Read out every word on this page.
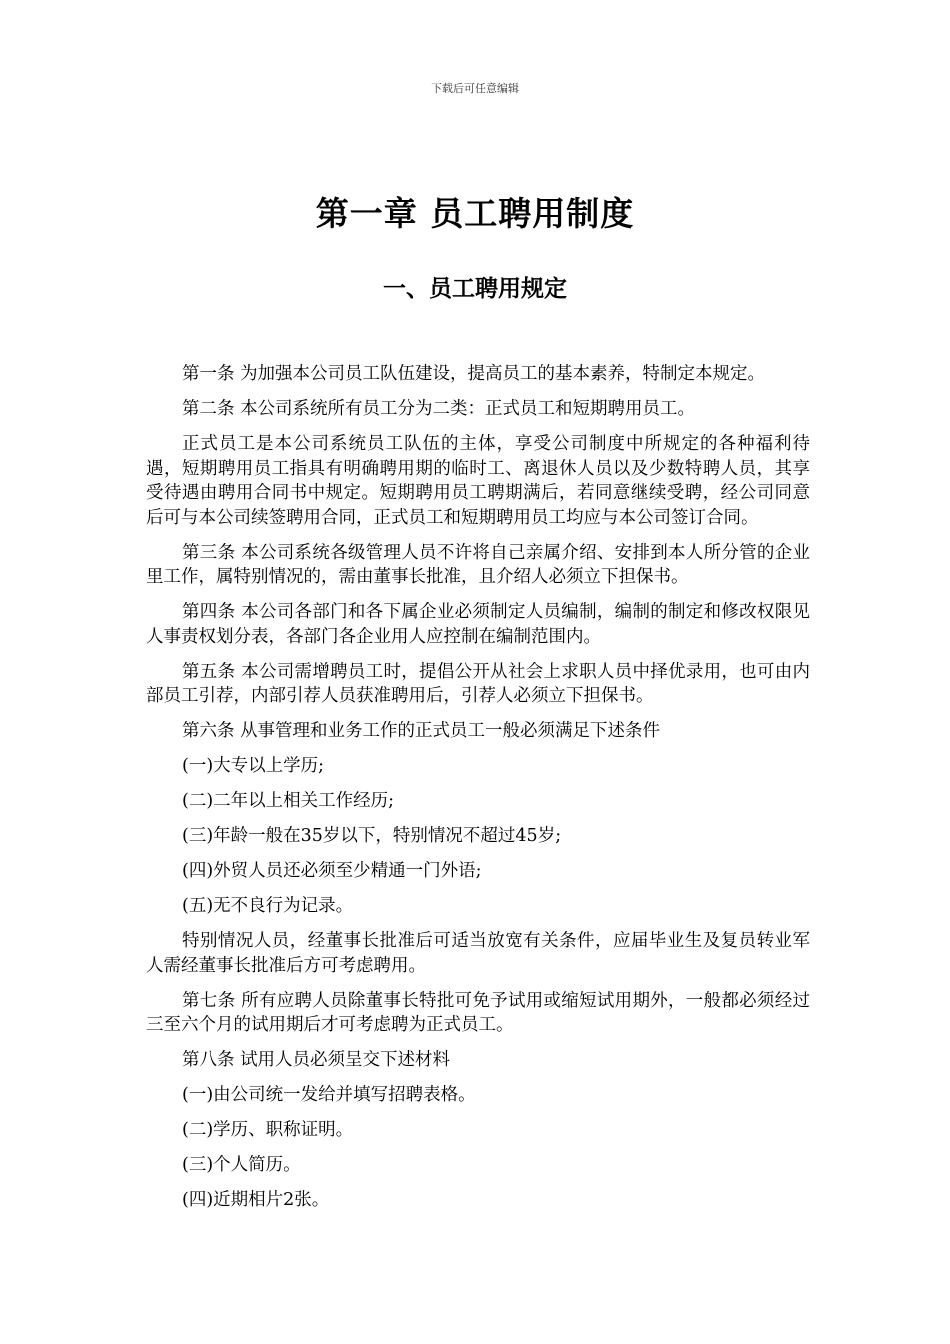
下载后可任意编辑
第一章 员工聘用制度
一、员工聘用规定

第一条 为加强本公司员工队伍建设，提高员工的基本素养，特制定本规定。

第二条 本公司系统所有员工分为二类：正式员工和短期聘用员工。

正式员工是本公司系统员工队伍的主体，享受公司制度中所规定的各种福利待遇，短期聘用员工指具有明确聘用期的临时工、离退休人员以及少数特聘人员，其享受待遇由聘用合同书中规定。短期聘用员工聘期满后，若同意继续受聘，经公司同意后可与本公司续签聘用合同，正式员工和短期聘用员工均应与本公司签订合同。

第三条 本公司系统各级管理人员不许将自己亲属介绍、安排到本人所分管的企业里工作，属特别情况的，需由董事长批准，且介绍人必须立下担保书。

第四条 本公司各部门和各下属企业必须制定人员编制，编制的制定和修改权限见人事责权划分表，各部门各企业用人应控制在编制范围内。

第五条 本公司需增聘员工时，提倡公开从社会上求职人员中择优录用，也可由内部员工引荐，内部引荐人员获准聘用后，引荐人必须立下担保书。

第六条 从事管理和业务工作的正式员工一般必须满足下述条件

(一)大专以上学历;

(二)二年以上相关工作经历;

(三)年龄一般在35岁以下，特别情况不超过45岁;

(四)外贸人员还必须至少精通一门外语;

(五)无不良行为记录。

特别情况人员，经董事长批准后可适当放宽有关条件，应届毕业生及复员转业军人需经董事长批准后方可考虑聘用。

第七条 所有应聘人员除董事长特批可免予试用或缩短试用期外，一般都必须经过三至六个月的试用期后才可考虑聘为正式员工。

第八条 试用人员必须呈交下述材料

(一)由公司统一发给并填写招聘表格。

(二)学历、职称证明。

(三)个人简历。

(四)近期相片2张。
